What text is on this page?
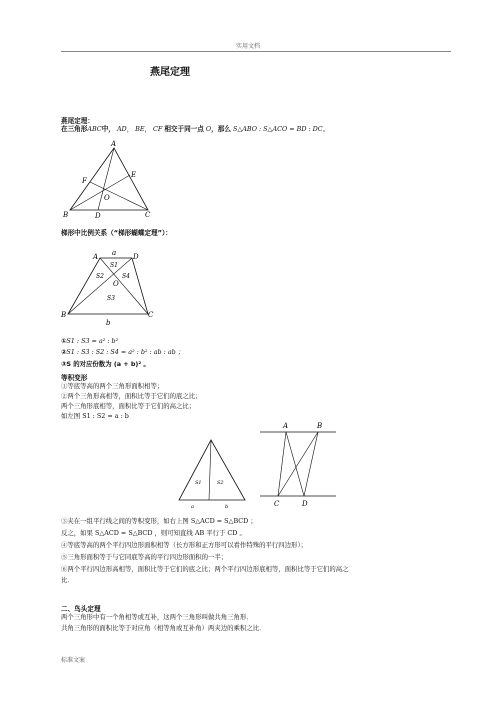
实用文档
燕尾定理
燕尾定理：
在三角形ABC中， AD， BE， CF 相交于同一点 O，那么 S△ABO : S△ACO = BD : DC。
A
E
F
O
B	D	C
梯形中比例关系（“梯形蝴蝶定理”）：
A a D
S1
S2	S4
O
S3
B	C
b
①S1 : S3 = a² : b²
②S1 : S3 : S2 : S4 = a² : b² : ab : ab ；
③S 的对应份数为 (a + b)² 。
等积变形
①等底等高的两个三角形面积相等；
②两个三角形高相等，面积比等于它们的底之比；
两个三角形底相等，面积比等于它们的高之比；
如左图 S1 : S2 = a : b
S1	S2
a	b
A	B
C	D
③夹在一组平行线之间的等积变形，如右上图 S△ACD = S△BCD ；
反之，如果 S△ACD = S△BCD ，则可知直线 AB 平行于 CD 。
④等底等高的两个平行四边形面积相等（长方形和正方形可以看作特殊的平行四边形）；
⑤三角形面积等于与它同底等高的平行四边形面积的一半；
⑥两个平行四边形高相等，面积比等于它们的底之比；两个平行四边形底相等，面积比等于它们的高之
比．
二、鸟头定理
两个三角形中有一个角相等或互补，这两个三角形叫做共角三角形．
共角三角形的面积比等于对应角（相等角或互补角）两夹边的乘积之比．
标准文案
